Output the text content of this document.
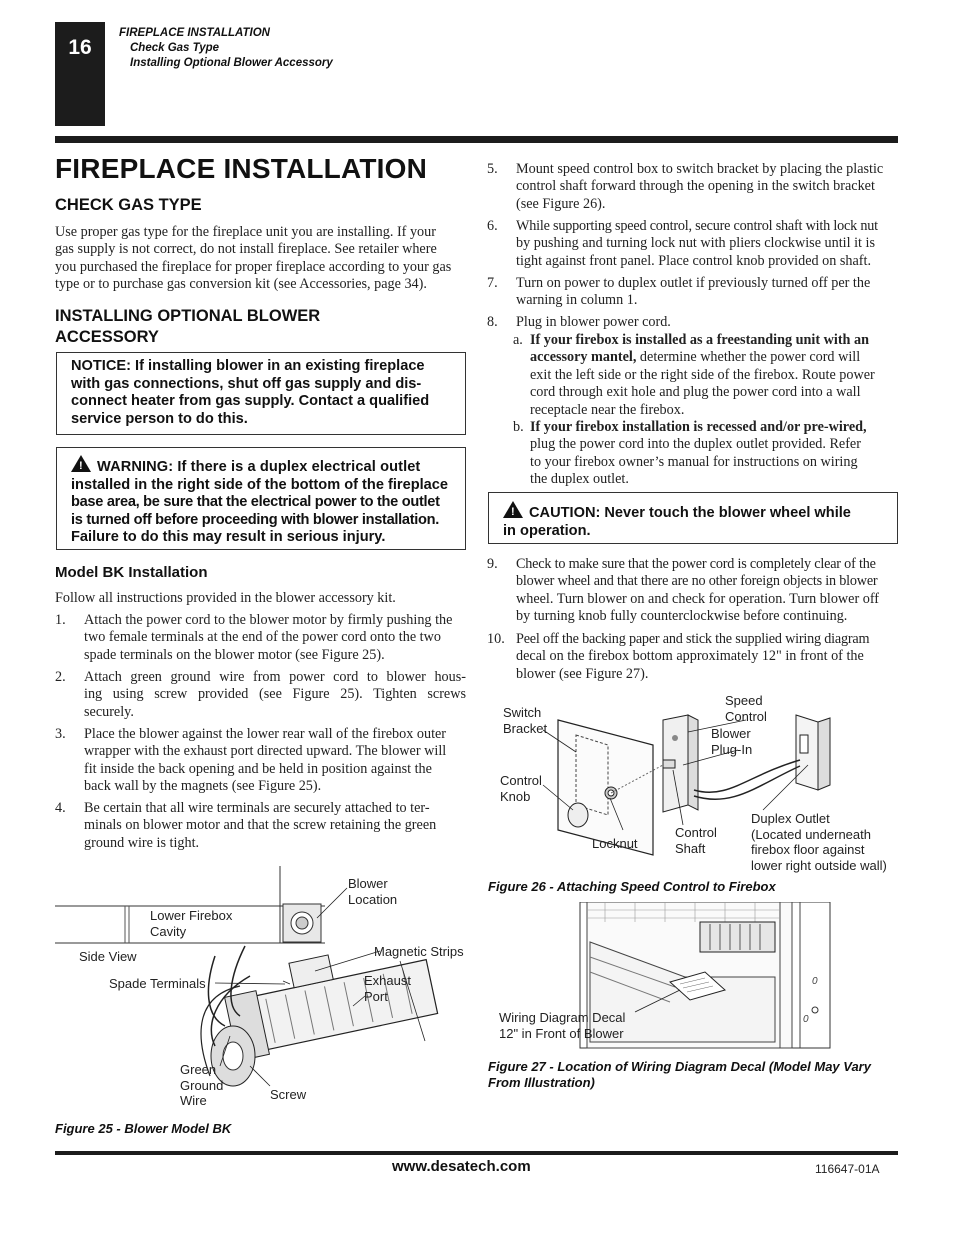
16
FIREPLACE INSTALLATION
Check Gas Type
Installing Optional Blower Accessory
FIREPLACE INSTALLATION
CHECK GAS TYPE
Use proper gas type for the fireplace unit you are installing. If your
gas supply is not correct, do not install fireplace. See retailer where
you purchased the fireplace for proper fireplace according to your gas
type or to purchase gas conversion kit (see Accessories, page 34).
INSTALLING OPTIONAL BLOWER
ACCESSORY
NOTICE: If installing blower in an existing fireplace
with gas connections, shut off gas supply and dis-
connect heater from gas supply. Contact a qualified
service person to do this.
! WARNING: If there is a duplex electrical outlet
installed in the right side of the bottom of the fireplace
base area, be sure that the electrical power to the outlet
is turned off before proceeding with blower installation.
Failure to do this may result in serious injury.
Model BK Installation
Follow all instructions provided in the blower accessory kit.
1. Attach the power cord to the blower motor by firmly pushing the
two female terminals at the end of the power cord onto the two
spade terminals on the blower motor (see Figure 25).
2. Attach green ground wire from power cord to blower hous-
ing using screw provided (see Figure 25). Tighten screws
securely.
3. Place the blower against the lower rear wall of the firebox outer
wrapper with the exhaust port directed upward. The blower will
fit inside the back opening and be held in position against the
back wall by the magnets (see Figure 25).
4. Be certain that all wire terminals are securely attached to ter-
minals on blower motor and that the screw retaining the green
ground wire is tight.
Blower
Location
Lower Firebox
Cavity
Side View	Magnetic Strips
Spade Terminals	Exhaust
Port
Green
Ground
Wire	Screw
Figure 25 - Blower Model BK
5. Mount speed control box to switch bracket by placing the plastic
control shaft forward through the opening in the switch bracket
(see Figure 26).
6. While supporting speed control, secure control shaft with lock nut
by pushing and turning lock nut with pliers clockwise until it is
tight against front panel. Place control knob provided on shaft.
7. Turn on power to duplex outlet if previously turned off per the
warning in column 1.
8. Plug in blower power cord.
a. If your firebox is installed as a freestanding unit with an
accessory mantel, determine whether the power cord will
exit the left side or the right side of the firebox. Route power
cord through exit hole and plug the power cord into a wall
receptacle near the firebox.
b. If your firebox installation is recessed and/or pre-wired,
plug the power cord into the duplex outlet provided. Refer
to your firebox owner’s manual for instructions on wiring
the duplex outlet.
! CAUTION: Never touch the blower wheel while
in operation.
9. Check to make sure that the power cord is completely clear of the
blower wheel and that there are no other foreign objects in blower
wheel. Turn blower on and check for operation. Turn blower off
by turning knob fully counterclockwise before continuing.
10. Peel off the backing paper and stick the supplied wiring diagram
decal on the firebox bottom approximately 12" in front of the
blower (see Figure 27).
Switch
Bracket
Speed
Control
Blower
Plug-In
Control
Knob
Locknut
Control
Shaft
Duplex Outlet
(Located underneath
firebox floor against
lower right outside wall)
Figure 26 - Attaching Speed Control to Firebox
0
0
Wiring Diagram Decal
12" in Front of Blower
Figure 27 - Location of Wiring Diagram Decal (Model May Vary
From Illustration)
www.desatech.com	116647-01A
